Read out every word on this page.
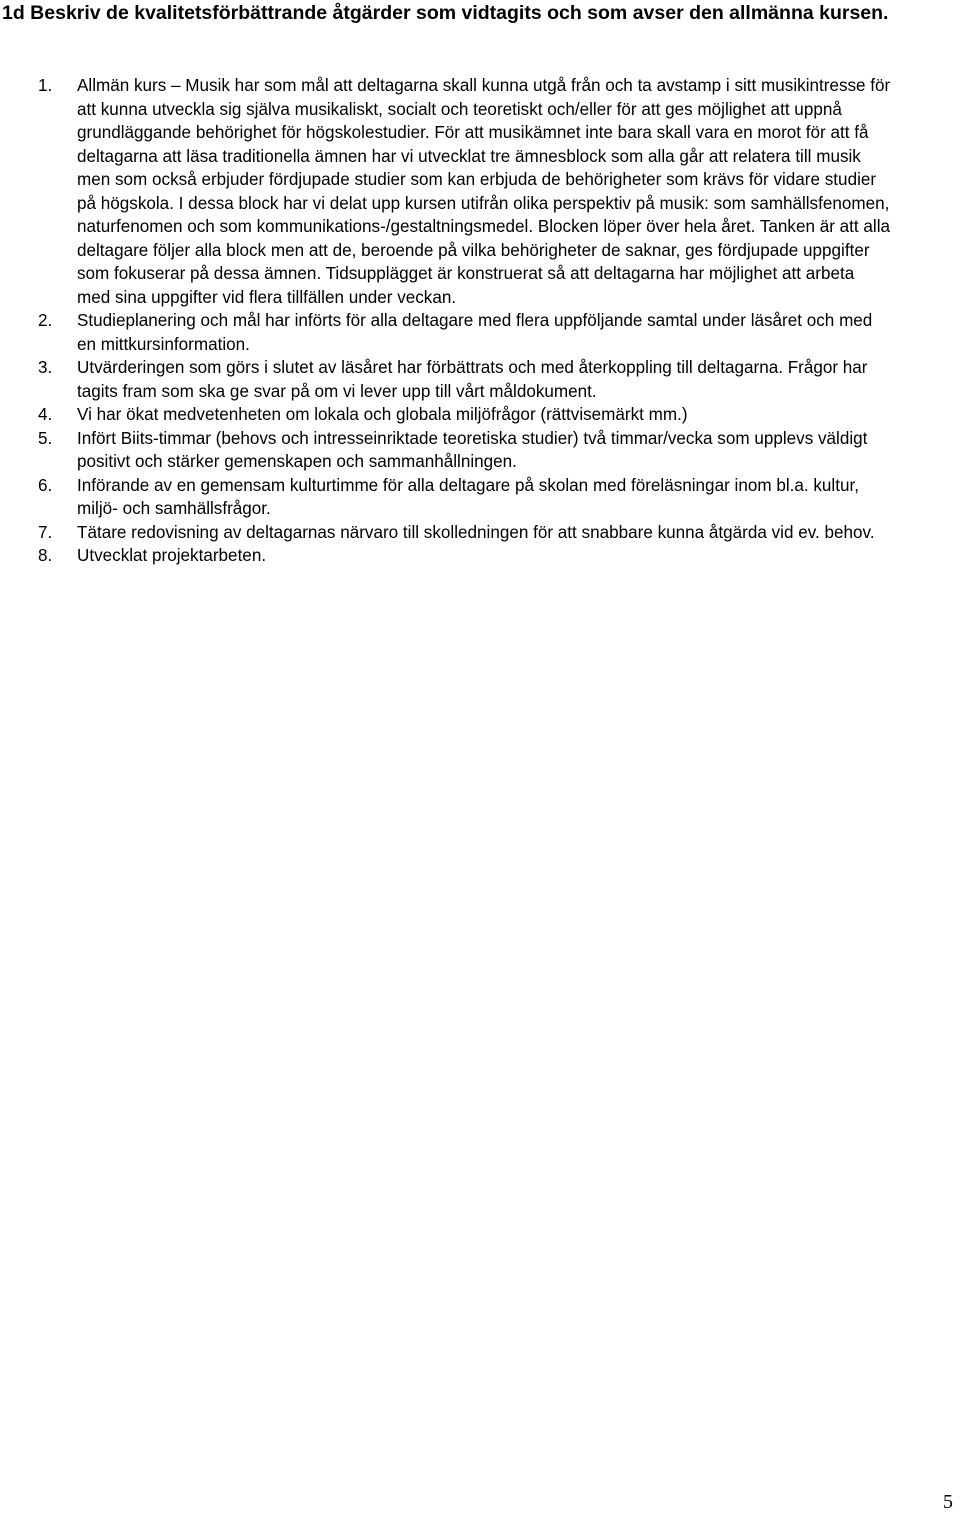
1d Beskriv de kvalitetsförbättrande åtgärder som vidtagits och som avser den allmänna kursen.
1. Allmän kurs – Musik har som mål att deltagarna skall kunna utgå från och ta avstamp i sitt musikintresse för att kunna utveckla sig själva musikaliskt, socialt och teoretiskt och/eller för att ges möjlighet att uppnå grundläggande behörighet för högskolestudier. För att musikämnet inte bara skall vara en morot för att få deltagarna att läsa traditionella ämnen har vi utvecklat tre ämnesblock som alla går att relatera till musik men som också erbjuder fördjupade studier som kan erbjuda de behörigheter som krävs för vidare studier på högskola. I dessa block har vi delat upp kursen utifrån olika perspektiv på musik: som samhällsfenomen, naturfenomen och som kommunikations-/gestaltningsmedel. Blocken löper över hela året. Tanken är att alla deltagare följer alla block men att de, beroende på vilka behörigheter de saknar, ges fördjupade uppgifter som fokuserar på dessa ämnen. Tidsupplägget är konstruerat så att deltagarna har möjlighet att arbeta med sina uppgifter vid flera tillfällen under veckan.
2. Studieplanering och mål har införts för alla deltagare med flera uppföljande samtal under läsåret och med en mittkursinformation.
3. Utvärderingen som görs i slutet av läsåret har förbättrats och med återkoppling till deltagarna. Frågor har tagits fram som ska ge svar på om vi lever upp till vårt måldokument.
4. Vi har ökat medvetenheten om lokala och globala miljöfrågor (rättvisemärkt mm.)
5. Infört Biits-timmar (behovs och intresseinriktade teoretiska studier) två timmar/vecka som upplevs väldigt positivt och stärker gemenskapen och sammanhållningen.
6. Införande av en gemensam kulturtimme för alla deltagare på skolan med föreläsningar inom bl.a. kultur, miljö- och samhällsfrågor.
7. Tätare redovisning av deltagarnas närvaro till skolledningen för att snabbare kunna åtgärda vid ev. behov.
8. Utvecklat projektarbeten.
5
